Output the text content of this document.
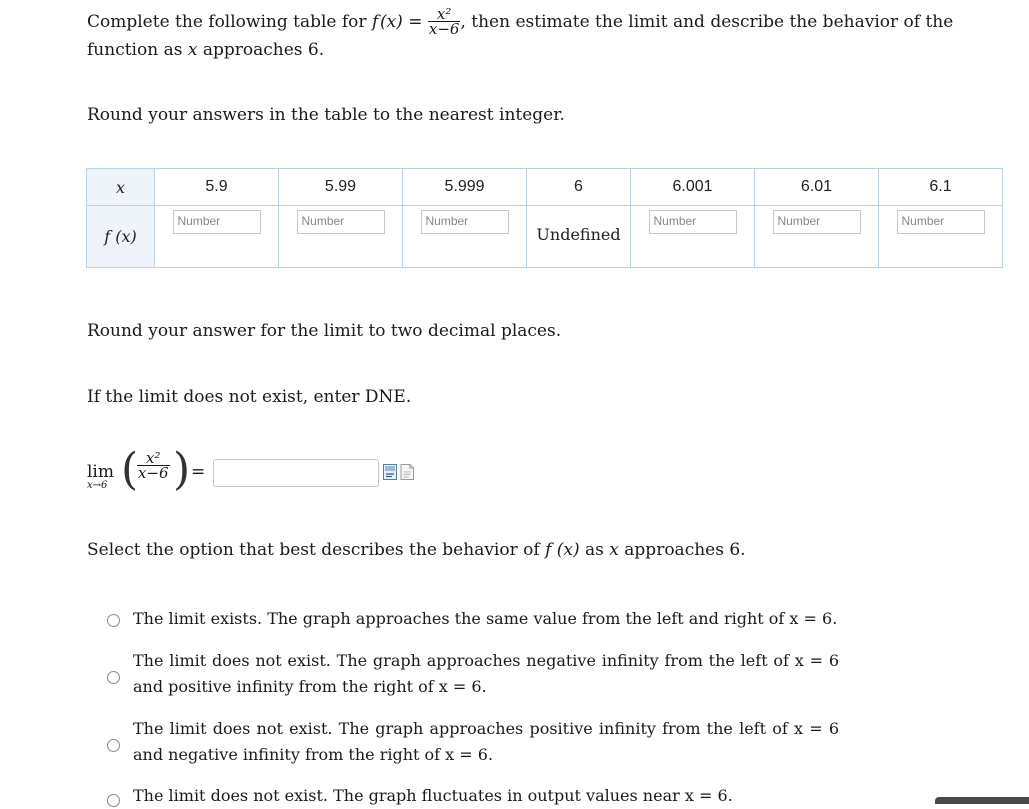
Complete the following table for f  $(x) = \frac{\text{x²}}{x-6}$ , then estimate the limit and describe the behavior of the
function as x approaches 6.
Round your answers in the table to the nearest integer.
x	5.9	5.99	5.999	6	6.001	6.01	6.1
f (x)	Number	Number	Number	Undefined	Number	Number	Number
Round your answer for the limit to two decimal places.
If the limit does not exist, enter DNE.
lim
x→6 (
$\frac{\text{x²}}{x-6}$ ) =
Select the option that best describes the behavior of f (x) as x approaches 6.
The limit exists. The graph approaches the same value from the left and right of x = 6.
The limit does not exist. The graph approaches negative infinity from the left of x = 6 and positive infinity from the right of x = 6.
The limit does not exist. The graph approaches positive infinity from the left of x = 6 and negative infinity from the right of x = 6.
The limit does not exist. The graph fluctuates in output values near x = 6.
